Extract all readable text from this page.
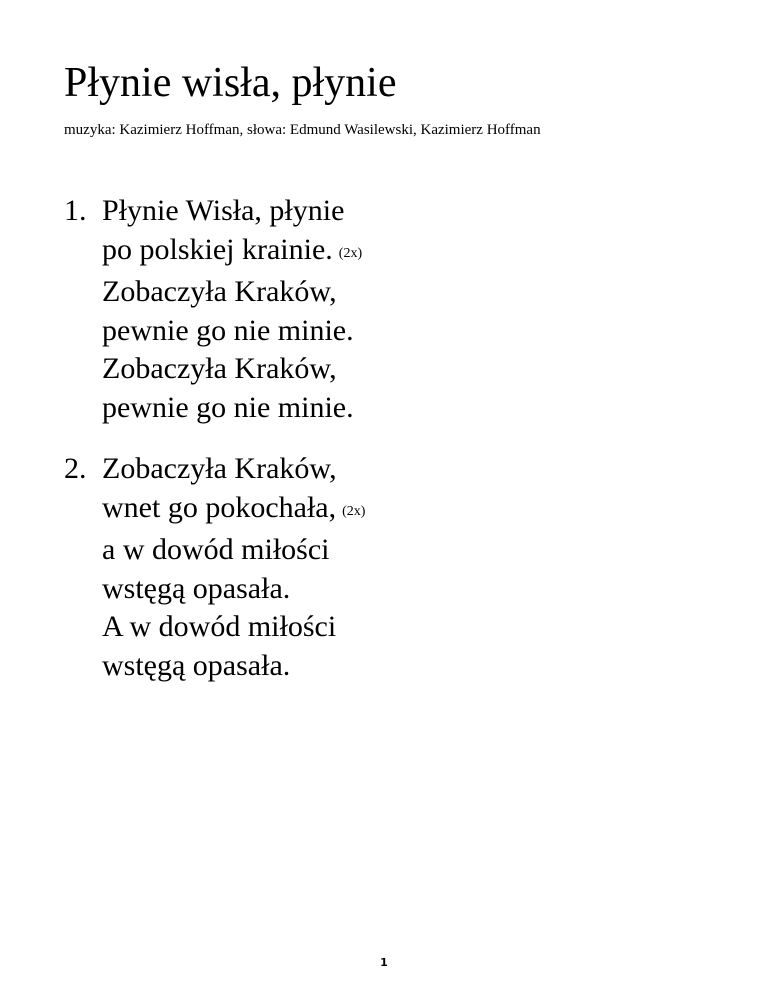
Płynie wisła, płynie

muzyka: Kazimierz Hoffman, słowa: Edmund Wasilewski, Kazimierz Hoffman

1. Płynie Wisła, płynie
po polskiej krainie. (2x)
Zobaczyła Kraków,
pewnie go nie minie.
Zobaczyła Kraków,
pewnie go nie minie.
2. Zobaczyła Kraków,
wnet go pokochała, (2x)
a w dowód miłości
wstęgą opasała.
A w dowód miłości
wstęgą opasała.
1
